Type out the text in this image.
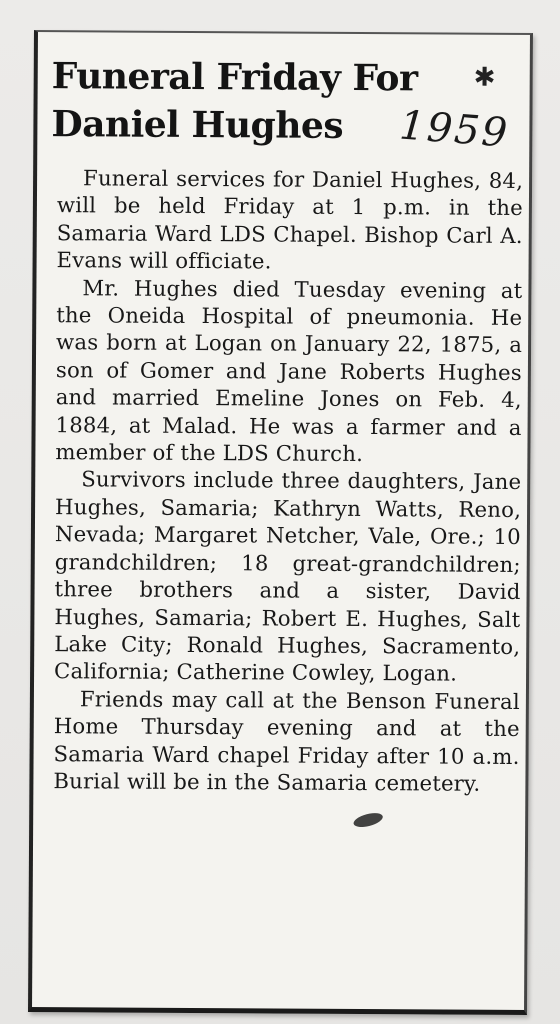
Funeral Friday For
Daniel Hughes
✱
1959

Funeral services for Daniel Hughes, 84, will be held Friday at 1 p.m. in the Samaria Ward LDS Chapel. Bishop Carl A. Evans will officiate.

Mr. Hughes died Tuesday evening at the Oneida Hospital of pneumonia. He was born at Logan on January 22, 1875, a son of Gomer and Jane Roberts Hughes and married Emeline Jones on Feb. 4, 1884, at Malad. He was a farmer and a member of the LDS Church.

Survivors include three daughters, Jane Hughes, Samaria; Kathryn Watts, Reno, Nevada; Margaret Netcher, Vale, Ore.; 10 grandchildren; 18 great-grandchildren; three brothers and a sister, David Hughes, Samaria; Robert E. Hughes, Salt Lake City; Ronald Hughes, Sacramento, California; Catherine Cowley, Logan.

Friends may call at the Benson Funeral Home Thursday evening and at the Samaria Ward chapel Friday after 10 a.m. Burial will be in the Samaria cemetery.
